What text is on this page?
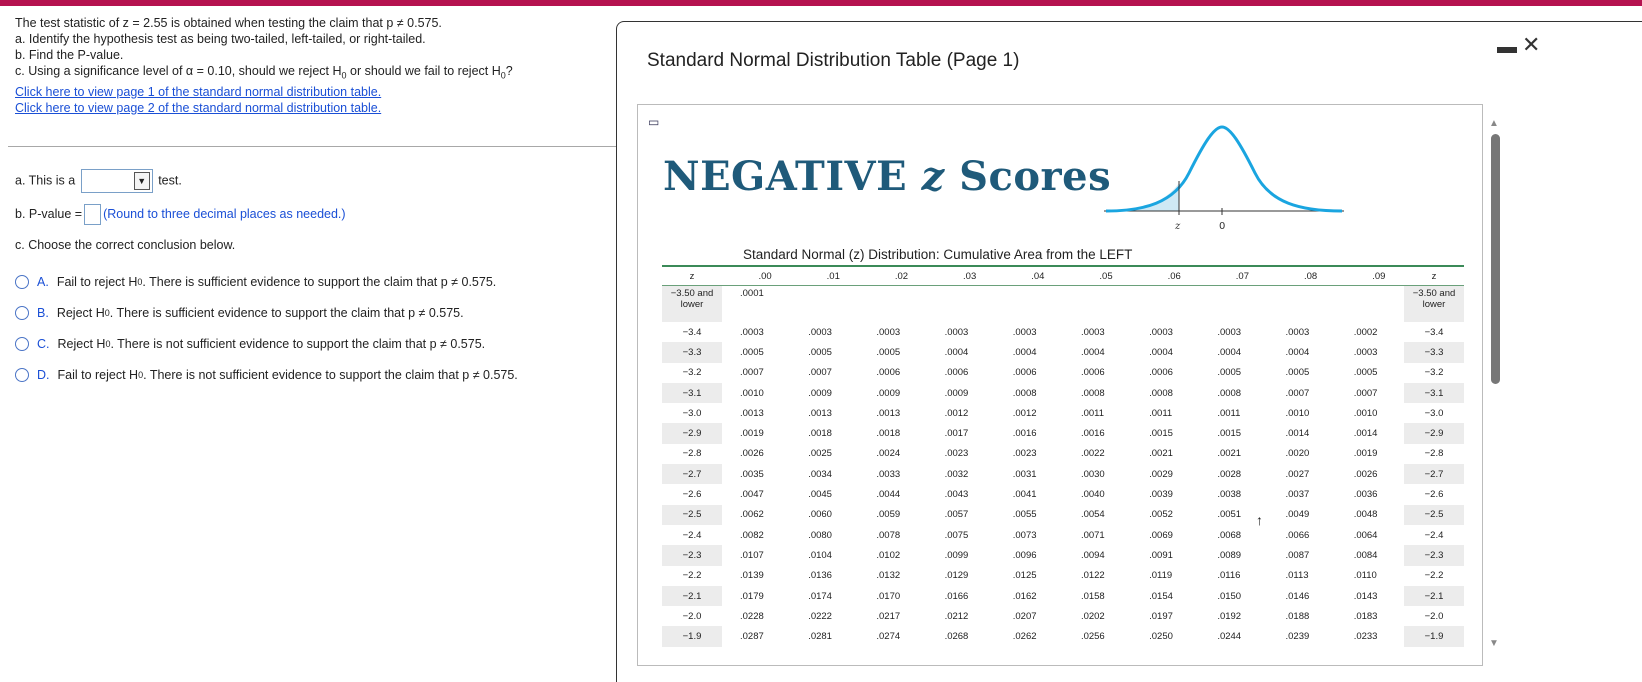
The test statistic of z = 2.55 is obtained when testing the claim that p ≠ 0.575.

a. Identify the hypothesis test as being two-tailed, left-tailed, or right-tailed.

b. Find the P-value.

c. Using a significance level of α = 0.10, should we reject $H_0$ or should we fail to reject $H_0$?

Click here to view page 1 of the standard normal distribution table.
Click here to view page 2 of the standard normal distribution table.
a. This is a	▼ test.
b. P-value = (Round to three decimal places as needed.)
c. Choose the correct conclusion below.
A. Fail to reject H 0 . There is sufficient evidence to support the claim that p ≠ 0.575.
B. Reject H 0 . There is sufficient evidence to support the claim that p ≠ 0.575.
C. Reject H 0 . There is not sufficient evidence to support the claim that p ≠ 0.575.
D. Fail to reject H 0 . There is not sufficient evidence to support the claim that p ≠ 0.575.
Standard Normal Distribution Table (Page 1)
▬ ✕
▭
NEGATIVE z Scores
z	0
Standard Normal (z) Distribution: Cumulative Area from the LEFT
z	.00	.01	.02	.03	.04	.05	.06	.07	.08	.09	z
−3.50 and lower	.0001										−3.50 and lower
−3.4	.0003	.0003	.0003	.0003	.0003	.0003	.0003	.0003	.0003	.0002	−3.4
−3.3	.0005	.0005	.0005	.0004	.0004	.0004	.0004	.0004	.0004	.0003	−3.3
−3.2	.0007	.0007	.0006	.0006	.0006	.0006	.0006	.0005	.0005	.0005	−3.2
−3.1	.0010	.0009	.0009	.0009	.0008	.0008	.0008	.0008	.0007	.0007	−3.1
−3.0	.0013	.0013	.0013	.0012	.0012	.0011	.0011	.0011	.0010	.0010	−3.0
−2.9	.0019	.0018	.0018	.0017	.0016	.0016	.0015	.0015	.0014	.0014	−2.9
−2.8	.0026	.0025	.0024	.0023	.0023	.0022	.0021	.0021	.0020	.0019	−2.8
−2.7	.0035	.0034	.0033	.0032	.0031	.0030	.0029	.0028	.0027	.0026	−2.7
−2.6	.0047	.0045	.0044	.0043	.0041	.0040	.0039	.0038	.0037	.0036	−2.6
−2.5	.0062	.0060	.0059	.0057	.0055	.0054	.0052	.0051	.0049	.0048	−2.5
−2.4	.0082	.0080	.0078	.0075	.0073	.0071	.0069	.0068	.0066	.0064	−2.4
−2.3	.0107	.0104	.0102	.0099	.0096	.0094	.0091	.0089	.0087	.0084	−2.3
−2.2	.0139	.0136	.0132	.0129	.0125	.0122	.0119	.0116	.0113	.0110	−2.2
−2.1	.0179	.0174	.0170	.0166	.0162	.0158	.0154	.0150	.0146	.0143	−2.1
−2.0	.0228	.0222	.0217	.0212	.0207	.0202	.0197	.0192	.0188	.0183	−2.0
−1.9	.0287	.0281	.0274	.0268	.0262	.0256	.0250	.0244	.0239	.0233	−1.9
↑
▲
▼
